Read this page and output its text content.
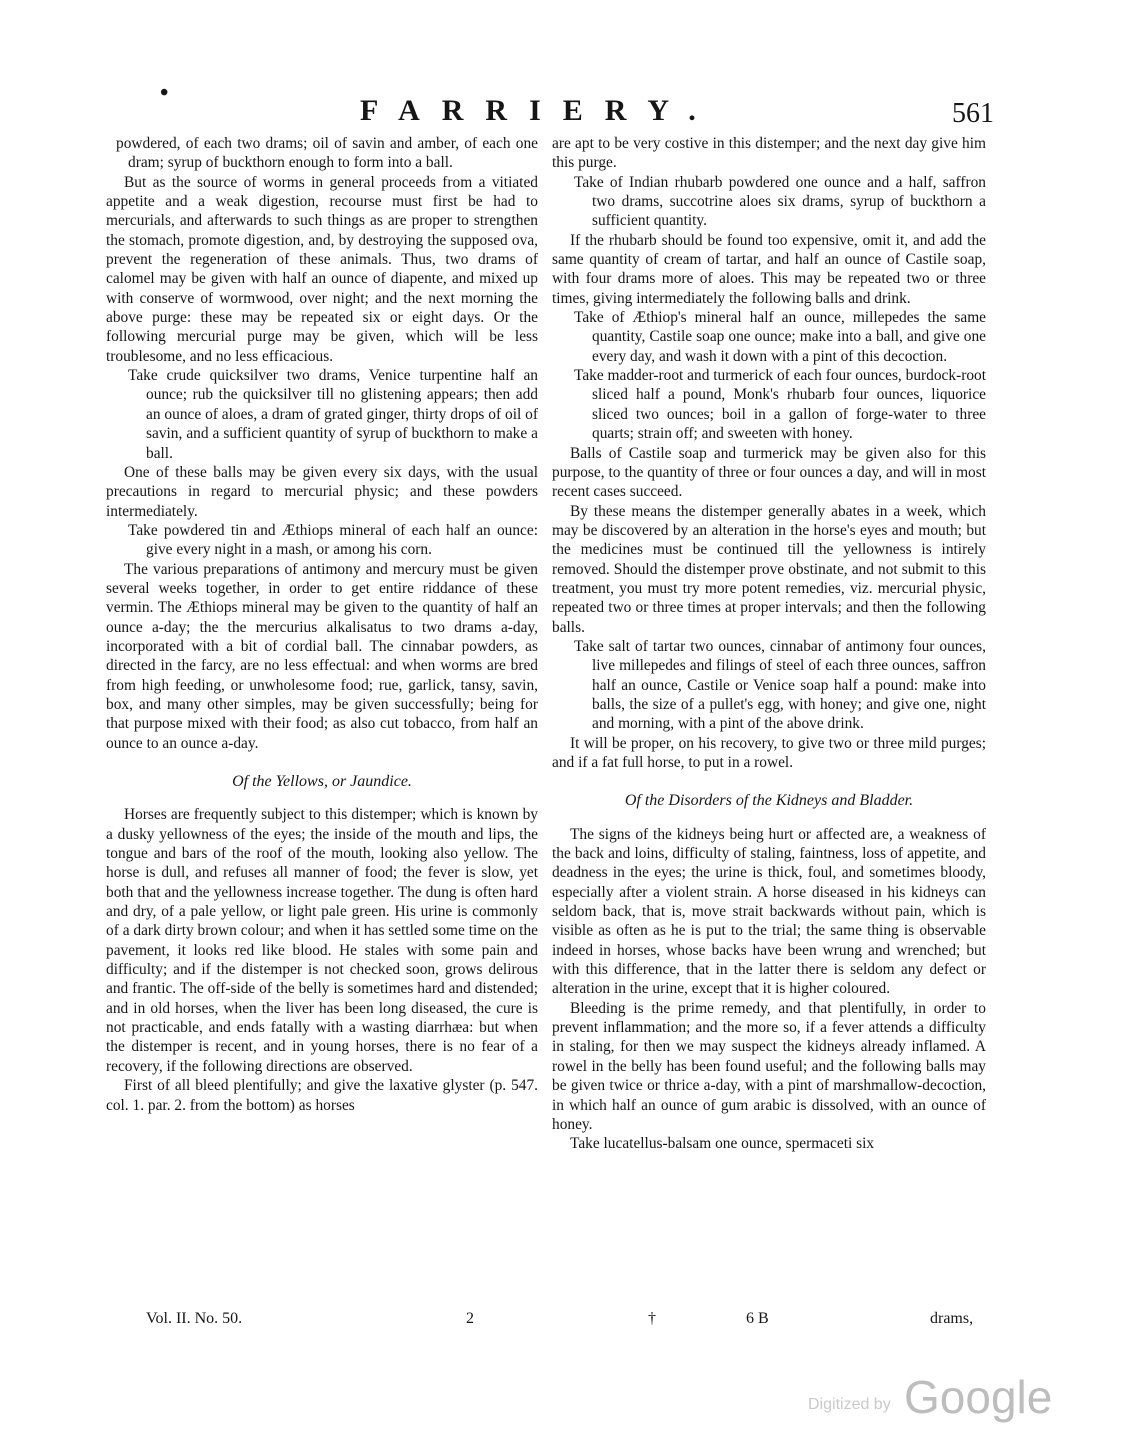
•
FARRIERY.	561

powdered, of each two drams; oil of savin and amber, of each one dram; syrup of buckthorn enough to form into a ball.

But as the source of worms in general proceeds from a vitiated appetite and a weak digestion, recourse must first be had to mercurials, and afterwards to such things as are proper to strengthen the stomach, promote digestion, and, by destroying the supposed ova, prevent the regeneration of these animals. Thus, two drams of calomel may be given with half an ounce of diapente, and mixed up with conserve of wormwood, over night; and the next morning the above purge: these may be repeated six or eight days. Or the following mercurial purge may be given, which will be less troublesome, and no less efficacious.

Take crude quicksilver two drams, Venice turpentine half an ounce; rub the quicksilver till no glistening appears; then add an ounce of aloes, a dram of grated ginger, thirty drops of oil of savin, and a sufficient quantity of syrup of buckthorn to make a ball.

One of these balls may be given every six days, with the usual precautions in regard to mercurial physic; and these powders intermediately.

Take powdered tin and Æthiops mineral of each half an ounce: give every night in a mash, or among his corn.

The various preparations of antimony and mercury must be given several weeks together, in order to get entire riddance of these vermin. The Æthiops mineral may be given to the quantity of half an ounce a-day; the the mercurius alkalisatus to two drams a-day, incorporated with a bit of cordial ball. The cinnabar powders, as directed in the farcy, are no less effectual: and when worms are bred from high feeding, or unwholesome food; rue, garlick, tansy, savin, box, and many other simples, may be given successfully; being for that purpose mixed with their food; as also cut tobacco, from half an ounce to an ounce a-day.

Of the Yellows, or Jaundice.

Horses are frequently subject to this distemper; which is known by a dusky yellowness of the eyes; the inside of the mouth and lips, the tongue and bars of the roof of the mouth, looking also yellow. The horse is dull, and refuses all manner of food; the fever is slow, yet both that and the yellowness increase together. The dung is often hard and dry, of a pale yellow, or light pale green. His urine is commonly of a dark dirty brown colour; and when it has settled some time on the pavement, it looks red like blood. He stales with some pain and difficulty; and if the distemper is not checked soon, grows delirous and frantic. The off-side of the belly is sometimes hard and distended; and in old horses, when the liver has been long diseased, the cure is not practicable, and ends fatally with a wasting diarrhæa: but when the distemper is recent, and in young horses, there is no fear of a recovery, if the following directions are observed.

First of all bleed plentifully; and give the laxative glyster (p. 547. col. 1. par. 2. from the bottom) as horses

are apt to be very costive in this distemper; and the next day give him this purge.

Take of Indian rhubarb powdered one ounce and a half, saffron two drams, succotrine aloes six drams, syrup of buckthorn a sufficient quantity.

If the rhubarb should be found too expensive, omit it, and add the same quantity of cream of tartar, and half an ounce of Castile soap, with four drams more of aloes. This may be repeated two or three times, giving intermediately the following balls and drink.

Take of Æthiop's mineral half an ounce, millepedes the same quantity, Castile soap one ounce; make into a ball, and give one every day, and wash it down with a pint of this decoction.

Take madder-root and turmerick of each four ounces, burdock-root sliced half a pound, Monk's rhubarb four ounces, liquorice sliced two ounces; boil in a gallon of forge-water to three quarts; strain off; and sweeten with honey.

Balls of Castile soap and turmerick may be given also for this purpose, to the quantity of three or four ounces a day, and will in most recent cases succeed.

By these means the distemper generally abates in a week, which may be discovered by an alteration in the horse's eyes and mouth; but the medicines must be continued till the yellowness is intirely removed. Should the distemper prove obstinate, and not submit to this treatment, you must try more potent remedies, viz. mercurial physic, repeated two or three times at proper intervals; and then the following balls.

Take salt of tartar two ounces, cinnabar of antimony four ounces, live millepedes and filings of steel of each three ounces, saffron half an ounce, Castile or Venice soap half a pound: make into balls, the size of a pullet's egg, with honey; and give one, night and morning, with a pint of the above drink.

It will be proper, on his recovery, to give two or three mild purges; and if a fat full horse, to put in a rowel.

Of the Disorders of the Kidneys and Bladder.

The signs of the kidneys being hurt or affected are, a weakness of the back and loins, difficulty of staling, faintness, loss of appetite, and deadness in the eyes; the urine is thick, foul, and sometimes bloody, especially after a violent strain. A horse diseased in his kidneys can seldom back, that is, move strait backwards without pain, which is visible as often as he is put to the trial; the same thing is observable indeed in horses, whose backs have been wrung and wrenched; but with this difference, that in the latter there is seldom any defect or alteration in the urine, except that it is higher coloured.

Bleeding is the prime remedy, and that plentifully, in order to prevent inflammation; and the more so, if a fever attends a difficulty in staling, for then we may suspect the kidneys already inflamed. A rowel in the belly has been found useful; and the following balls may be given twice or thrice a-day, with a pint of marshmallow-decoction, in which half an ounce of gum arabic is dissolved, with an ounce of honey.

Take lucatellus-balsam one ounce, spermaceti six

Vol. II. No. 50.	2	†	6 B	drams,
Digitized by Google
